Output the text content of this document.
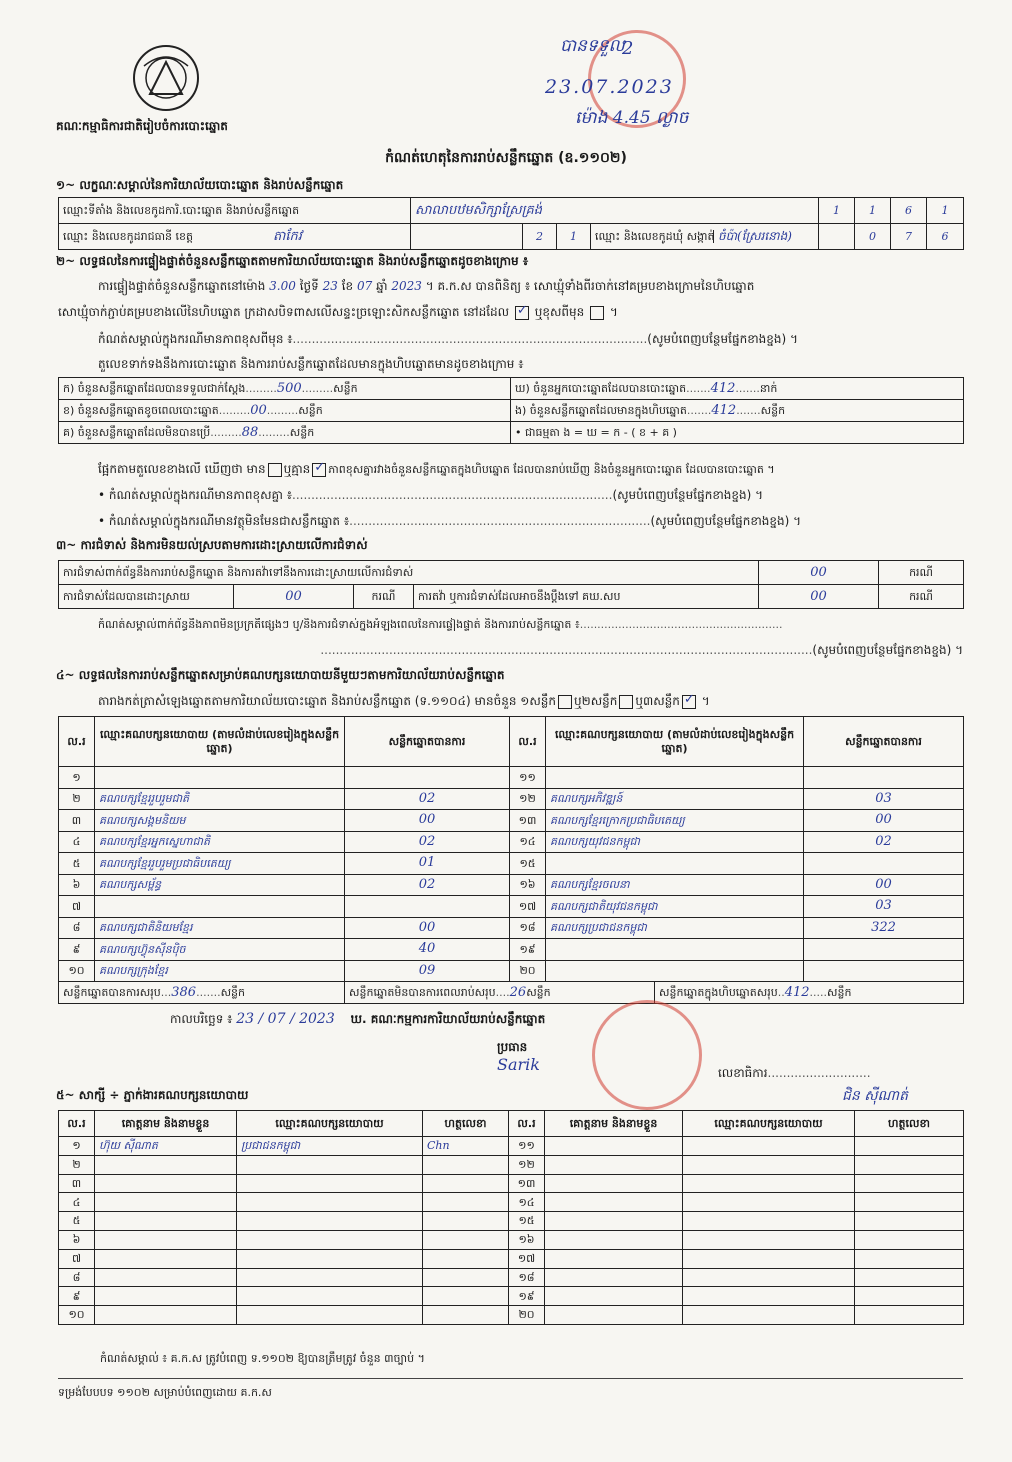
គណៈកម្មាធិការជាតិរៀបចំការបោះឆ្នោត
បានទទួល
2
23.07.2023
ម៉ោង 4.45 ល្ងាច
កំណត់ហេតុនៃការរាប់សន្លឹកឆ្នោត (ឧ.១១០២)
១~ លក្ខណៈសម្គាល់នៃការិយាល័យបោះឆ្នោត និងរាប់សន្លឹកឆ្នោត
ឈ្មោះទីតាំង និងលេខកូដការិ.បោះឆ្នោត និងរាប់សន្លឹកឆ្នោត	សាលាបឋមសិក្សាស្រែគ្រង់				1	1	6	1
ឈ្មោះ និងលេខកូដរាជធានី ខេត្ត តាកែវ		2	1	ឈ្មោះ និងលេខកូដឃុំ សង្កាត់ ចំប៉ា(ស្រែរនោង)		0	7	6
២~ លទ្ធផលនៃការផ្ទៀងផ្ទាត់ចំនួនសន្លឹកឆ្នោតតាមការិយាល័យបោះឆ្នោត និងរាប់សន្លឹកឆ្នោតដូចខាងក្រោម ៖
ការផ្ទៀងផ្ទាត់ចំនួនសន្លឹកឆ្នោតនៅម៉ោង 3.00 ថ្ងៃទី 23 ខែ 07 ឆ្នាំ 2023 ។ គ.ក.ស បានពិនិត្យ ៖ សោឃ្មុំទាំងពីរចាក់នៅគម្របខាងក្រោមនៃហិបឆ្នោត
សោឃ្មុំចាក់ភ្ជាប់គម្របខាងលើនៃហិបឆ្នោត ក្រដាសបិទពាសលើសន្ទះច្រឡោះសិកសន្លឹកឆ្នោត នៅដដែល ✓ ឬខុសពីមុន  ។
កំណត់សម្គាល់ក្នុងករណីមានភាពខុសពីមុន ៖.............................................................................................(សូមបំពេញបន្ថែមផ្នែកខាងខ្នង) ។
តួលេខទាក់ទងនឹងការបោះឆ្នោត និងការរាប់សន្លឹកឆ្នោតដែលមានក្នុងហិបឆ្នោតមានដូចខាងក្រោម ៖
ក) ចំនួនសន្លឹកឆ្នោតដែលបានទទួលជាក់ស្តែង.........500.........សន្លឹក	ឃ) ចំនួនអ្នកបោះឆ្នោតដែលបានបោះឆ្នោត.......412.......នាក់
ខ) ចំនួនសន្លឹកឆ្នោតខូចពេលបោះឆ្នោត.........00.........សន្លឹក	ង) ចំនួនសន្លឹកឆ្នោតដែលមានក្នុងហិបឆ្នោត.......412.......សន្លឹក
គ) ចំនួនសន្លឹកឆ្នោតដែលមិនបានប្រើ.........88.........សន្លឹក	• ជាធម្មតា ង = ឃ = ក - ( ខ + គ )
ផ្អែកតាមតួលេខខាងលើ ឃើញថា មាន ឬគ្មាន ✓ ភាពខុសគ្នារវាងចំនួនសន្លឹកឆ្នោតក្នុងហិបឆ្នោត ដែលបានរាប់ឃើញ និងចំនួនអ្នកបោះឆ្នោត ដែលបានបោះឆ្នោត ។
• កំណត់សម្គាល់ក្នុងករណីមានភាពខុសគ្នា ៖....................................................................................(សូមបំពេញបន្ថែមផ្នែកខាងខ្នង) ។
• កំណត់សម្គាល់ក្នុងករណីមានវត្ថុមិនមែនជាសន្លឹកឆ្នោត ៖...............................................................................(សូមបំពេញបន្ថែមផ្នែកខាងខ្នង) ។
៣~ ការជំទាស់ និងការមិនយល់ស្របតាមការដោះស្រាយលើការជំទាស់
ការជំទាស់ពាក់ព័ន្ធនឹងការរាប់សន្លឹកឆ្នោត និងការតវ៉ាទៅនឹងការដោះស្រាយលើការជំទាស់				00	ករណី
ការជំទាស់ដែលបានដោះស្រាយ	00	ករណី	ការតវ៉ា ឬការជំទាស់ដែលអាចនឹងប្តឹងទៅ គឃ.សប	00	ករណី
កំណត់សម្គាល់ពាក់ព័ន្ធនឹងភាពមិនប្រក្រតីផ្សេងៗ ឬ/និងការជំទាស់ក្នុងអំឡុងពេលនៃការផ្ទៀងផ្ទាត់ និងការរាប់សន្លឹកឆ្នោត ៖..........................................................
.................................................................................................................................(សូមបំពេញបន្ថែមផ្នែកខាងខ្នង) ។
៤~ លទ្ធផលនៃការរាប់សន្លឹកឆ្នោតសម្រាប់គណបក្សនយោបាយនីមួយៗតាមការិយាល័យរាប់សន្លឹកឆ្នោត
តារាងកត់ត្រាសំឡេងឆ្នោតតាមការិយាល័យបោះឆ្នោត និងរាប់សន្លឹកឆ្នោត (ទ.១១០៤) មានចំនួន ១សន្លឹក ឬ២សន្លឹក ឬ៣សន្លឹក✓ ។
ល.រ	ឈ្មោះគណបក្សនយោបាយ (តាមលំដាប់លេខរៀងក្នុងសន្លឹកឆ្នោត)	សន្លឹកឆ្នោតបានការ	ល.រ	ឈ្មោះគណបក្សនយោបាយ (តាមលំដាប់លេខរៀងក្នុងសន្លឹកឆ្នោត)	សន្លឹកឆ្នោតបានការ
១			១១		
២	គណបក្សខ្មែររួបរួមជាតិ	02	១២	គណបក្សអភិវឌ្ឍន៍	03
៣	គណបក្សសង្គមនិយម	00	១៣	គណបក្សខ្មែរក្រោកប្រជាធិបតេយ្យ	00
៤	គណបក្សខ្មែរអ្នកស្នេហាជាតិ	02	១៤	គណបក្សយុវជនកម្ពុជា	02
៥	គណបក្សខ្មែររួបរួមប្រជាធិបតេយ្យ	01	១៥		
៦	គណបក្សសម្ព័ន្ធ	02	១៦	គណបក្សខ្មែរចលនា	00
៧			១៧	គណបក្សជាតិយុវជនកម្ពុជា	03
៨	គណបក្សជាតិនិយមខ្មែរ	00	១៨	គណបក្សប្រជាជនកម្ពុជា	322
៩	គណបក្សហ៊្វុនស៊ីនប៉ិច	40	១៩		
១០	គណបក្សក្រុងខ្មែរ	09	២០		
សន្លឹកឆ្នោតបានការសរុប...386.......សន្លឹក	សន្លឹកឆ្នោតមិនបានការពេលរាប់សរុប....26សន្លឹក	សន្លឹកឆ្នោតក្នុងហិបឆ្នោតសរុប..412.....សន្លឹក
កាលបរិច្ឆេទ ៖ 23 / 07 / 2023 ឃ. គណៈកម្មការការិយាល័យរាប់សន្លឹកឆ្នោត
ប្រធាន
Sarik	លេខាធិការ...........................
ជិន ស៊ីណាត់
៥~ សាក្សី ÷ ភ្នាក់ងារគណបក្សនយោបាយ
ល.រ	គោត្តនាម និងនាមខ្លួន	ឈ្មោះគណបក្សនយោបាយ	ហត្ថលេខា	ល.រ	គោត្តនាម និងនាមខ្លួន	ឈ្មោះគណបក្សនយោបាយ	ហត្ថលេខា
១	ហ៊ុយ សុីណាត	ប្រជាជនកម្ពុជា	Chn	១១			
២				១២			
៣				១៣			
៤				១៤			
៥				១៥			
៦				១៦			
៧				១៧			
៨				១៨			
៩				១៩			
១០				២០			
កំណត់សម្គាល់ ៖ គ.ក.ស ត្រូវបំពេញ ទ.១១០២ ឱ្យបានត្រឹមត្រូវ ចំនួន ៣ច្បាប់ ។
ទម្រង់បែបបទ ១១០២ សម្រាប់បំពេញដោយ គ.ក.ស
